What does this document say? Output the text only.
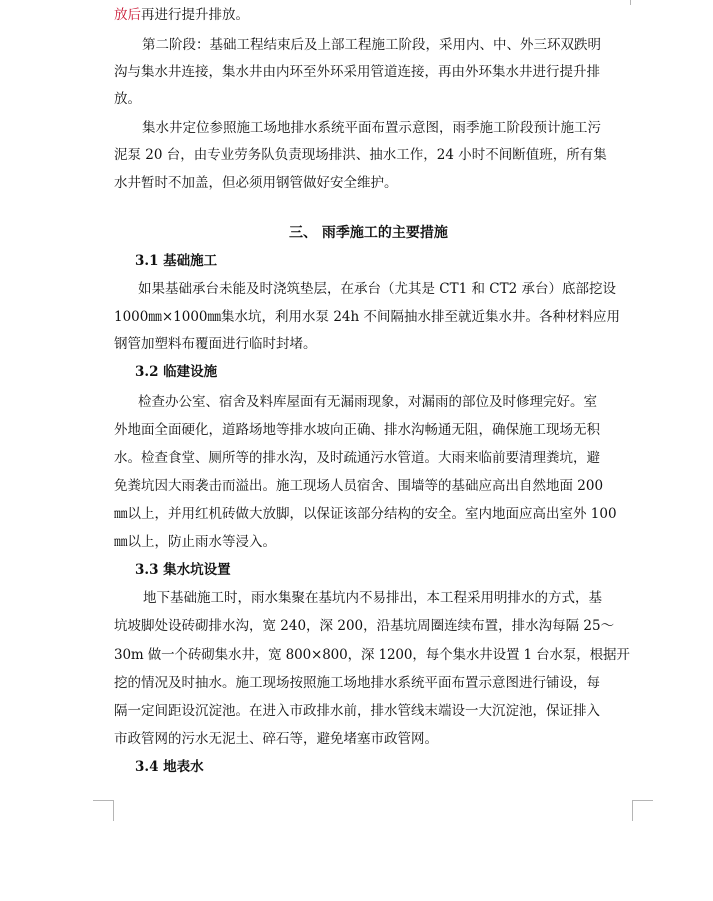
放后再进行提升排放。
第二阶段：基础工程结束后及上部工程施工阶段，采用内、中、外三环双跌明
沟与集水井连接，集水井由内环至外环采用管道连接，再由外环集水井进行提升排
放。
集水井定位参照施工场地排水系统平面布置示意图，雨季施工阶段预计施工污
泥泵 20 台，由专业劳务队负责现场排洪、抽水工作，24 小时不间断值班，所有集
水井暂时不加盖，但必须用钢管做好安全维护。
三、 雨季施工的主要措施
3.1 基础施工
如果基础承台未能及时浇筑垫层，在承台（尤其是 CT1 和 CT2 承台）底部挖设
1000㎜×1000㎜集水坑，利用水泵 24h 不间隔抽水排至就近集水井。各种材料应用
钢管加塑料布覆面进行临时封堵。
3.2 临建设施
检查办公室、宿舍及料库屋面有无漏雨现象，对漏雨的部位及时修理完好。室
外地面全面硬化，道路场地等排水坡向正确、排水沟畅通无阻，确保施工现场无积
水。检查食堂、厕所等的排水沟，及时疏通污水管道。大雨来临前要清理粪坑，避
免粪坑因大雨袭击而溢出。施工现场人员宿舍、围墙等的基础应高出自然地面 200
㎜以上，并用红机砖做大放脚，以保证该部分结构的安全。室内地面应高出室外 100
㎜以上，防止雨水等浸入。
3.3 集水坑设置
地下基础施工时，雨水集聚在基坑内不易排出，本工程采用明排水的方式，基
坑坡脚处设砖砌排水沟，宽 240，深 200，沿基坑周圈连续布置，排水沟每隔 25～
30m 做一个砖砌集水井，宽 800×800，深 1200，每个集水井设置 1 台水泵，根据开
挖的情况及时抽水。施工现场按照施工场地排水系统平面布置示意图进行铺设，每
隔一定间距设沉淀池。在进入市政排水前，排水管线末端设一大沉淀池，保证排入
市政管网的污水无泥土、碎石等，避免堵塞市政管网。
3.4 地表水
